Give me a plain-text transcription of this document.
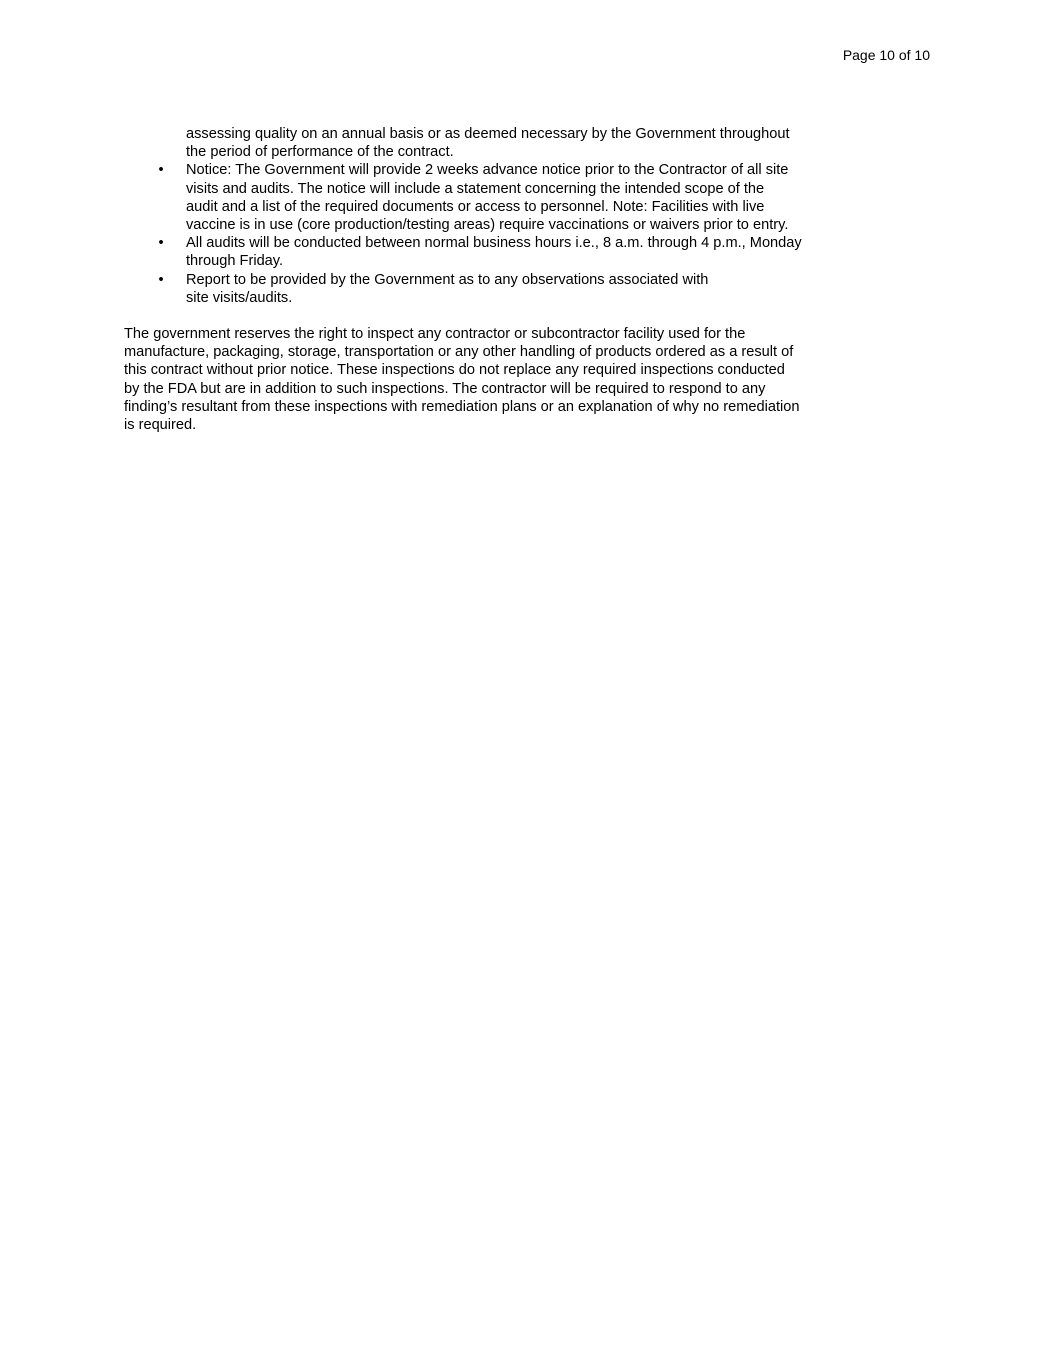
Page 10 of 10
assessing quality on an annual basis or as deemed necessary by the Government throughout
the period of performance of the contract.
• Notice: The Government will provide 2 weeks advance notice prior to the Contractor of all site
visits and audits. The notice will include a statement concerning the intended scope of the
audit and a list of the required documents or access to personnel. Note: Facilities with live
vaccine is in use (core production/testing areas) require vaccinations or waivers prior to entry.
• All audits will be conducted between normal business hours i.e., 8 a.m. through 4 p.m., Monday
through Friday.
• Report to be provided by the Government as to any observations associated with
site visits/audits.
The government reserves the right to inspect any contractor or subcontractor facility used for the
manufacture, packaging, storage, transportation or any other handling of products ordered as a result of
this contract without prior notice. These inspections do not replace any required inspections conducted
by the FDA but are in addition to such inspections. The contractor will be required to respond to any
finding’s resultant from these inspections with remediation plans or an explanation of why no remediation
is required.
